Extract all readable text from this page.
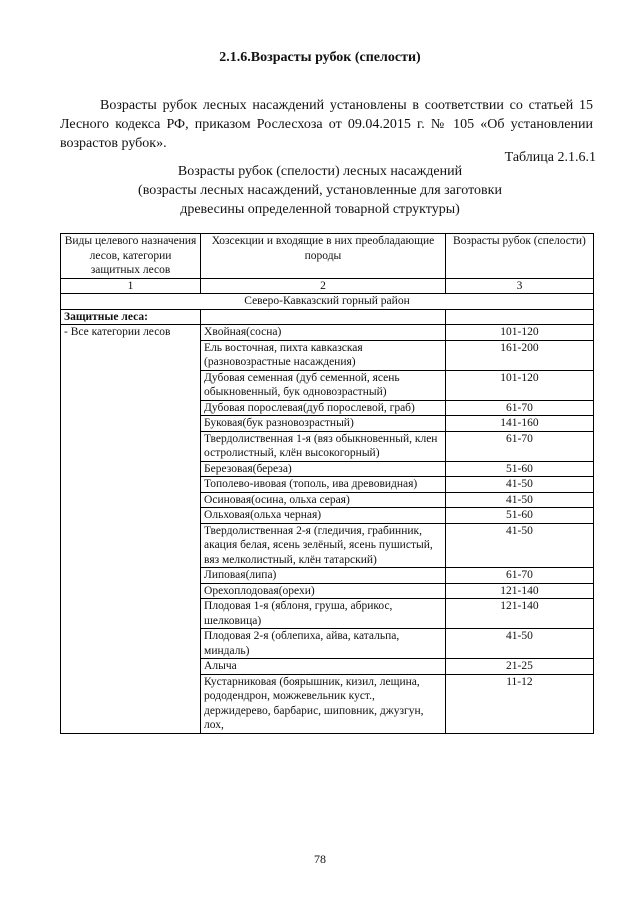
2.1.6.Возрасты рубок (спелости)

Возрасты рубок лесных насаждений установлены в соответствии со статьей 15 Лесного кодекса РФ, приказом Рослесхоза от 09.04.2015 г. № 105 «Об установлении возрастов рубок».

Таблица 2.1.6.1
Возрасты рубок (спелости) лесных насаждений
(возрасты лесных насаждений, установленные для заготовки
древесины определенной товарной структуры)
Виды целевого назначения лесов, категории защитных лесов	Хозсекции и входящие в них преобладающие породы	Возрасты рубок (спелости)
1	2	3
Северо-Кавказский горный район		
Защитные леса:		
- Все категории лесов	Хвойная(сосна)	101-120
	Ель восточная, пихта кавказская (разновозрастные насаждения)	161-200
	Дубовая семенная (дуб семенной, ясень обыкновенный, бук одновозрастный)	101-120
	Дубовая порослевая(дуб порослевой, граб)	61-70
	Буковая(бук разновозрастный)	141-160
	Твердолиственная 1-я (вяз обыкновенный, клен остролистный, клён высокогорный)	61-70
	Березовая(береза)	51-60
	Тополево-ивовая (тополь, ива древовидная)	41-50
	Осиновая(осина, ольха серая)	41-50
	Ольховая(ольха черная)	51-60
	Твердолиственная 2-я (гледичия, грабинник, акация белая, ясень зелёный, ясень пушистый, вяз мелколистный, клён татарский)	41-50
	Липовая(липа)	61-70
	Орехоплодовая(орехи)	121-140
	Плодовая 1-я (яблоня, груша, абрикос, шелковица)	121-140
	Плодовая 2-я (облепиха, айва, катальпа, миндаль)	41-50
	Алыча	21-25
	Кустарниковая (боярышник, кизил, лещина, рододендрон, можжевельник куст., держидерево, барбарис, шиповник, джузгун, лох,	11-12
78
